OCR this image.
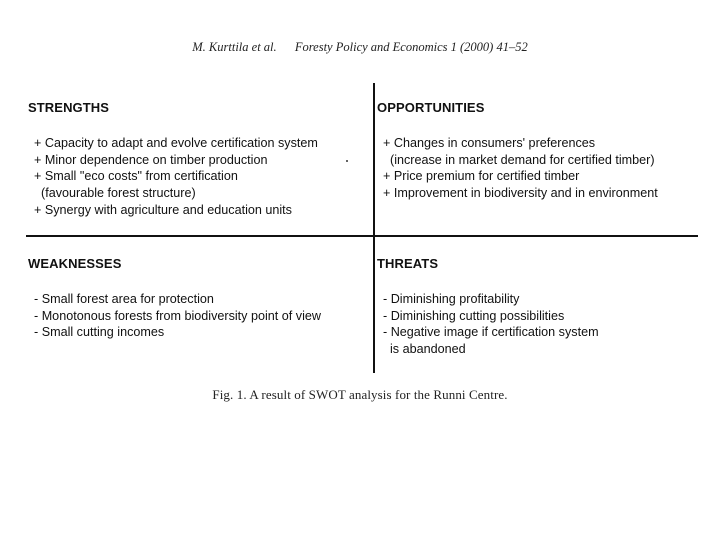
M. Kurttila et al. Foresty Policy and Economics 1 (2000) 41–52
STRENGTHS
+ Capacity to adapt and evolve certification system
+ Minor dependence on timber production
+ Small "eco costs" from certification
(favourable forest structure)
+ Synergy with agriculture and education units
OPPORTUNITIES
+ Changes in consumers' preferences
(increase in market demand for certified timber)
+ Price premium for certified timber
+ Improvement in biodiversity and in environment
WEAKNESSES
- Small forest area for protection
- Monotonous forests from biodiversity point of view
- Small cutting incomes
THREATS
- Diminishing profitability
- Diminishing cutting possibilities
- Negative image if certification system
is abandoned
Fig. 1. A result of SWOT analysis for the Runni Centre.
